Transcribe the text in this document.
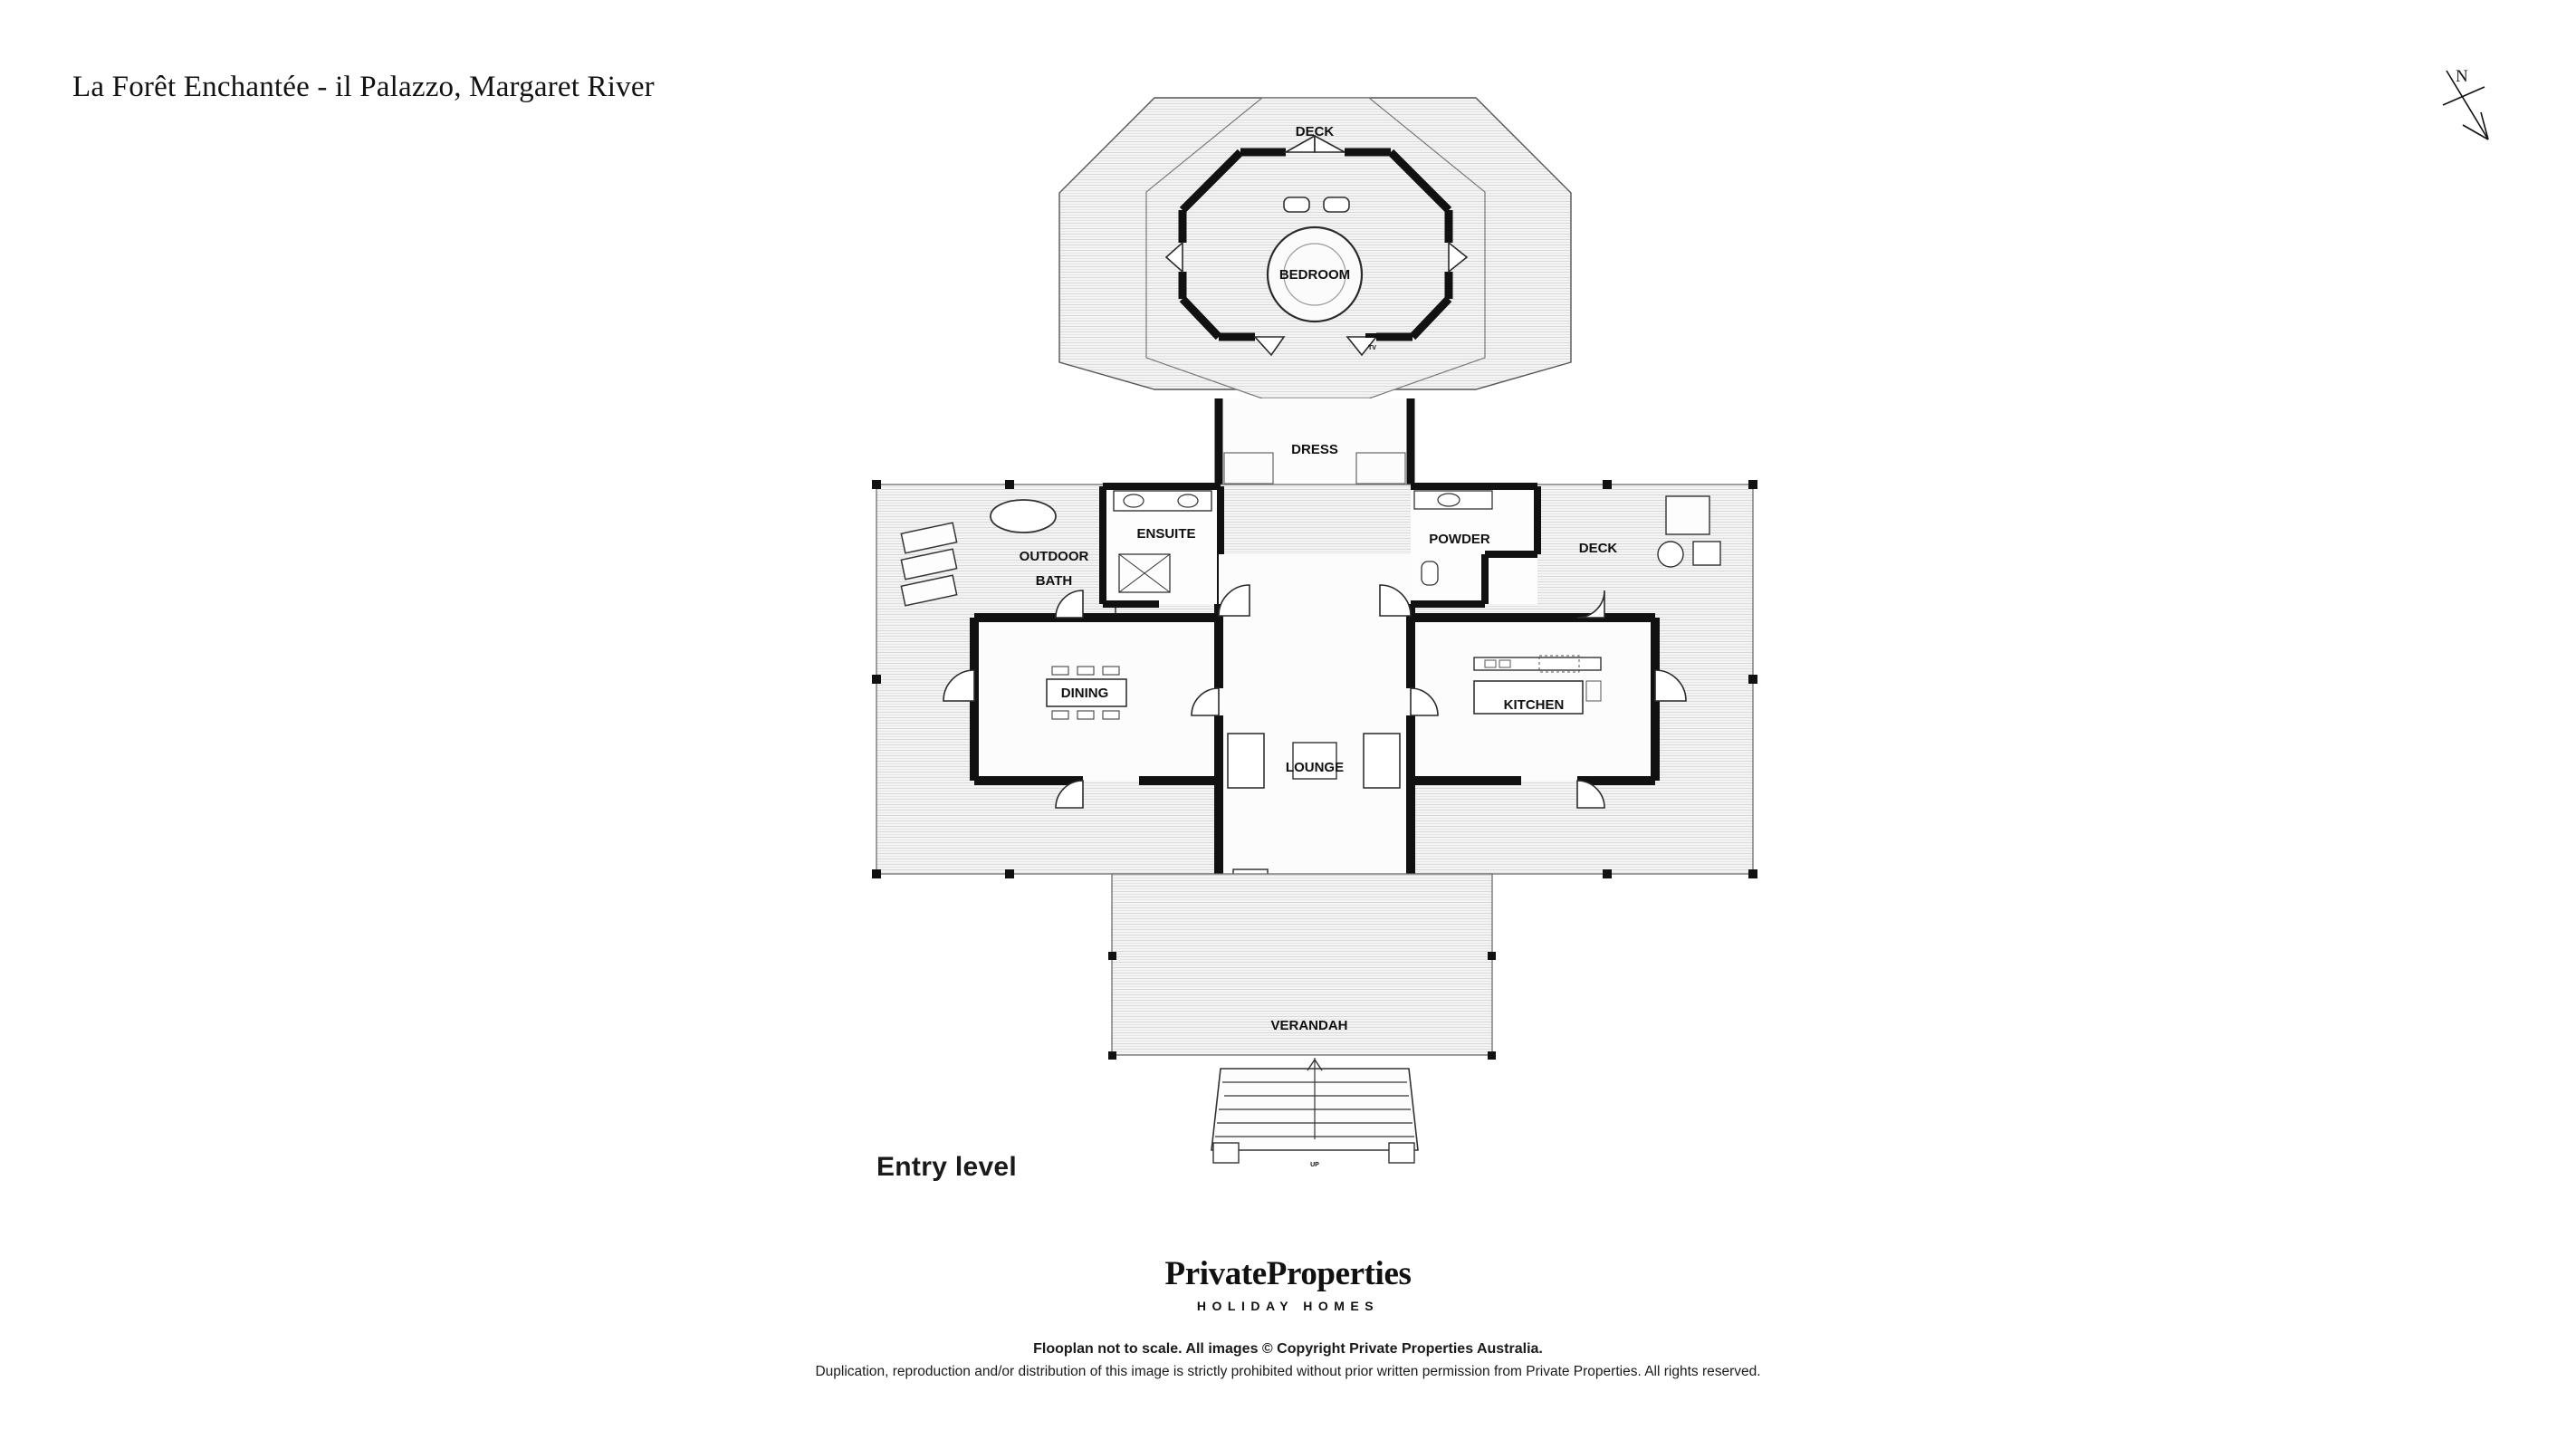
La Forêt Enchantée - il Palazzo, Margaret River	N
TV
DECK
BEDROOM
DRESS
OUTDOOR
BATH
ENSUITE	POWDER
DECK
DINING
KITCHEN
LOUNGE
VERANDAH
UP
Entry level
PrivateProperties
HOLIDAY HOMES
Flooplan not to scale. All images © Copyright Private Properties Australia.
Duplication, reproduction and/or distribution of this image is strictly prohibited without prior written permission from Private Properties. All rights reserved.
